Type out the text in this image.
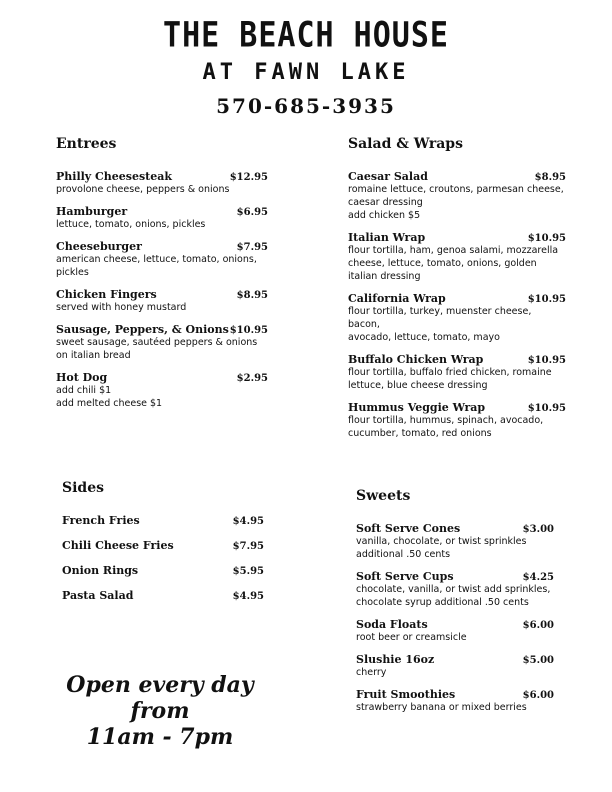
THE BEACH HOUSE
AT FAWN LAKE
570-685-3935
Entrees
Philly Cheesesteak	$12.95
provolone cheese, peppers & onions
Hamburger	$6.95
lettuce, tomato, onions, pickles
Cheeseburger	$7.95
american cheese, lettuce, tomato, onions,
pickles
Chicken Fingers	$8.95
served with honey mustard
Sausage, Peppers, & Onions $10.95
sweet sausage, sautéed peppers & onions
on italian bread
Hot Dog	$2.95
add chili $1
add melted cheese $1
Salad & Wraps
Caesar Salad	$8.95
romaine lettuce, croutons, parmesan cheese,
caesar dressing
add chicken $5
Italian Wrap	$10.95
flour tortilla, ham, genoa salami, mozzarella
cheese, lettuce, tomato, onions, golden
italian dressing
California Wrap	$10.95
flour tortilla, turkey, muenster cheese, bacon,
avocado, lettuce, tomato, mayo
Buffalo Chicken Wrap	$10.95
flour tortilla, buffalo fried chicken, romaine
lettuce, blue cheese dressing
Hummus Veggie Wrap	$10.95
flour tortilla, hummus, spinach, avocado,
cucumber, tomato, red onions
Sides
French Fries	$4.95
Chili Cheese Fries	$7.95
Onion Rings	$5.95
Pasta Salad	$4.95
Sweets
Soft Serve Cones	$3.00
vanilla, chocolate, or twist sprinkles
additional .50 cents
Soft Serve Cups	$4.25
chocolate, vanilla, or twist add sprinkles,
chocolate syrup additional .50 cents
Soda Floats	$6.00
root beer or creamsicle
Slushie 16oz	$5.00
cherry
Fruit Smoothies	$6.00
strawberry banana or mixed berries
Open every day
from
11am - 7pm
